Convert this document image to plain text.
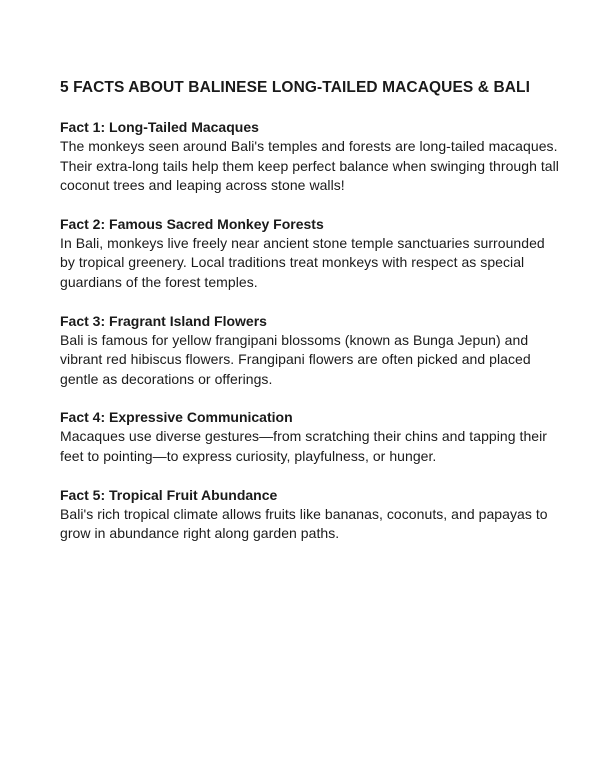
5 FACTS ABOUT BALINESE LONG-TAILED MACAQUES & BALI

Fact 1: Long-Tailed Macaques

The monkeys seen around Bali's temples and forests are long-tailed macaques. Their extra-long tails help them keep perfect balance when swinging through tall coconut trees and leaping across stone walls!

Fact 2: Famous Sacred Monkey Forests

In Bali, monkeys live freely near ancient stone temple sanctuaries surrounded by tropical greenery. Local traditions treat monkeys with respect as special guardians of the forest temples.

Fact 3: Fragrant Island Flowers

Bali is famous for yellow frangipani blossoms (known as Bunga Jepun) and vibrant red hibiscus flowers. Frangipani flowers are often picked and placed gentle as decorations or offerings.

Fact 4: Expressive Communication

Macaques use diverse gestures—from scratching their chins and tapping their feet to pointing—to express curiosity, playfulness, or hunger.

Fact 5: Tropical Fruit Abundance

Bali's rich tropical climate allows fruits like bananas, coconuts, and papayas to grow in abundance right along garden paths.
